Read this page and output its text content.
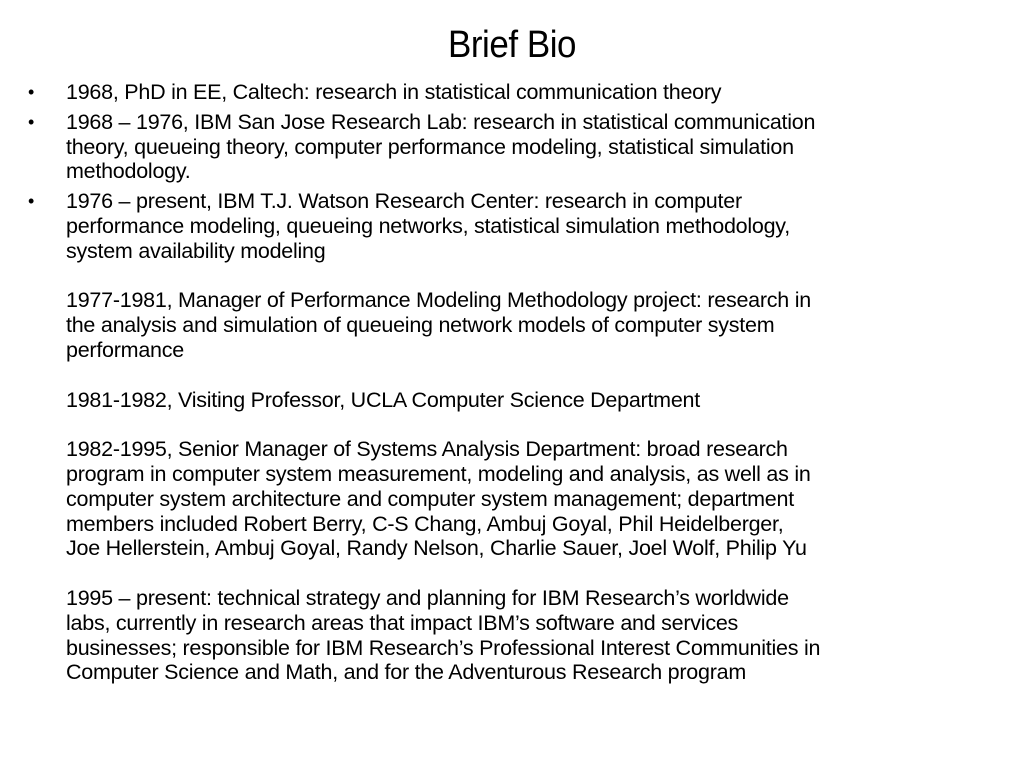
Brief Bio
•	1968, PhD in EE, Caltech: research in statistical communication theory
•	1968 – 1976, IBM San Jose Research Lab: research in statistical communication
theory, queueing theory, computer performance modeling, statistical simulation
methodology.
•	1976 – present, IBM T.J. Watson Research Center: research in computer
performance modeling, queueing networks, statistical simulation methodology,
system availability modeling
1977-1981, Manager of Performance Modeling Methodology project: research in
the analysis and simulation of queueing network models of computer system
performance
1981-1982, Visiting Professor, UCLA Computer Science Department
1982-1995, Senior Manager of Systems Analysis Department: broad research
program in computer system measurement, modeling and analysis, as well as in
computer system architecture and computer system management; department
members included Robert Berry, C-S Chang, Ambuj Goyal, Phil Heidelberger,
Joe Hellerstein, Ambuj Goyal, Randy Nelson, Charlie Sauer, Joel Wolf, Philip Yu
1995 – present: technical strategy and planning for IBM Research’s worldwide
labs, currently in research areas that impact IBM’s software and services
businesses; responsible for IBM Research’s Professional Interest Communities in
Computer Science and Math, and for the Adventurous Research program
